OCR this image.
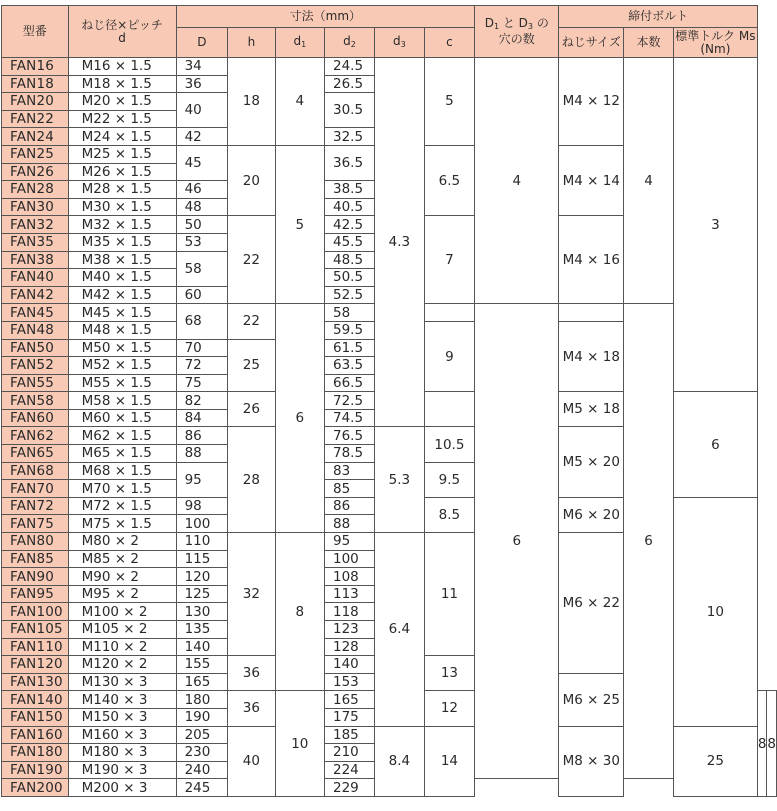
型番	ねじ径×ピッチ
d	寸法（mm）						$D_1$ と $D_3$ の
穴の数	締付ボルト				
		D	h	$d_1$	$d_2$	$d_3$	c		ねじサイズ	本数	標準トルク Ms
(Nm)		
FAN16	M16 × 1.5	34	18	4	24.5	4.3	5	4	M4 × 12	4	3		
FAN18	M18 × 1.5	36			26.5								
FAN20	M20 × 1.5	40			30.5								
FAN22	M22 × 1.5												
FAN24	M24 × 1.5	42			32.5								
FAN25	M25 × 1.5	45	20	5	36.5		6.5		M4 × 14				
FAN26	M26 × 1.5												
FAN28	M28 × 1.5	46			38.5								
FAN30	M30 × 1.5	48			40.5								
FAN32	M32 × 1.5	50	22		42.5		7		M4 × 16				
FAN35	M35 × 1.5	53			45.5								
FAN38	M38 × 1.5	58			48.5								
FAN40	M40 × 1.5				50.5								
FAN42	M42 × 1.5	60			52.5								
FAN45	M45 × 1.5	68	22	6	58			6		6			
FAN48	M48 × 1.5				59.5		9		M4 × 18				
FAN50	M50 × 1.5	70	25		61.5								
FAN52	M52 × 1.5	72			63.5								
FAN55	M55 × 1.5	75			66.5								
FAN58	M58 × 1.5	82	26		72.5				M5 × 18		6		
FAN60	M60 × 1.5	84			74.5								
FAN62	M62 × 1.5	86	28		76.5	5.3	10.5		M5 × 20				
FAN65	M65 × 1.5	88			78.5								
FAN68	M68 × 1.5	95			83		9.5						
FAN70	M70 × 1.5				85								
FAN72	M72 × 1.5	98			86		8.5		M6 × 20		10		
FAN75	M75 × 1.5	100			88								
FAN80	M80 × 2	110	32	8	95	6.4	11		M6 × 22				
FAN85	M85 × 2	115			100								
FAN90	M90 × 2	120			108								
FAN95	M95 × 2	125			113								
FAN100	M100 × 2	130			118								
FAN105	M105 × 2	135			123								
FAN110	M110 × 2	140			128								
FAN120	M120 × 2	155	36		140		13						
FAN130	M130 × 3	165			153				M6 × 25				
FAN140	M140 × 3	180	36	10	165		12					8	8
FAN150	M150 × 3	190			175								
FAN160	M160 × 3	205	40		185	8.4	14		M8 × 30		25		
FAN180	M180 × 3	230			210								
FAN190	M190 × 3	240			224								
FAN200	M200 × 3	245			229								
